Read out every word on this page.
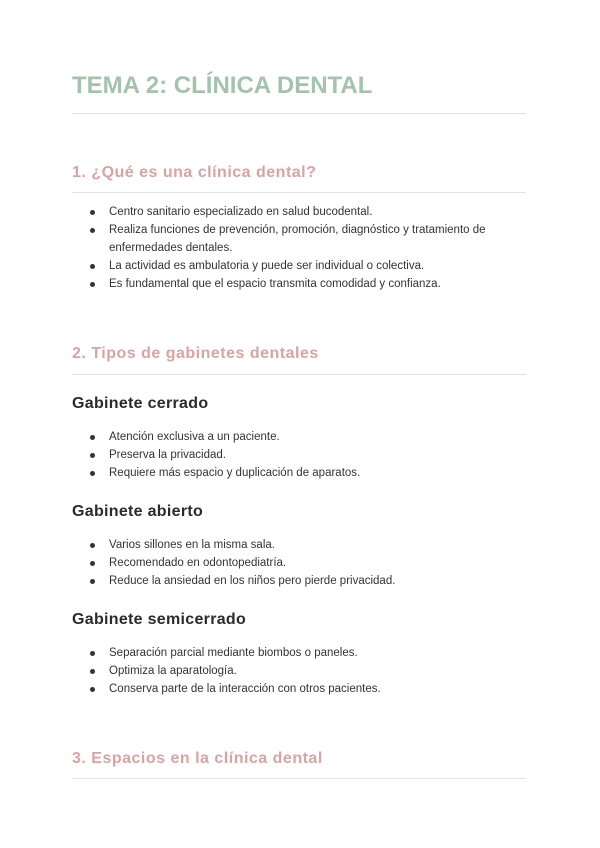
TEMA 2: CLÍNICA DENTAL
1. ¿Qué es una clínica dental?
Centro sanitario especializado en salud bucodental.
Realiza funciones de prevención, promoción, diagnóstico y tratamiento de enfermedades dentales.
La actividad es ambulatoria y puede ser individual o colectiva.
Es fundamental que el espacio transmita comodidad y confianza.
2. Tipos de gabinetes dentales
Gabinete cerrado
Atención exclusiva a un paciente.
Preserva la privacidad.
Requiere más espacio y duplicación de aparatos.
Gabinete abierto
Varios sillones en la misma sala.
Recomendado en odontopediatría.
Reduce la ansiedad en los niños pero pierde privacidad.
Gabinete semicerrado
Separación parcial mediante biombos o paneles.
Optimiza la aparatología.
Conserva parte de la interacción con otros pacientes.
3. Espacios en la clínica dental
